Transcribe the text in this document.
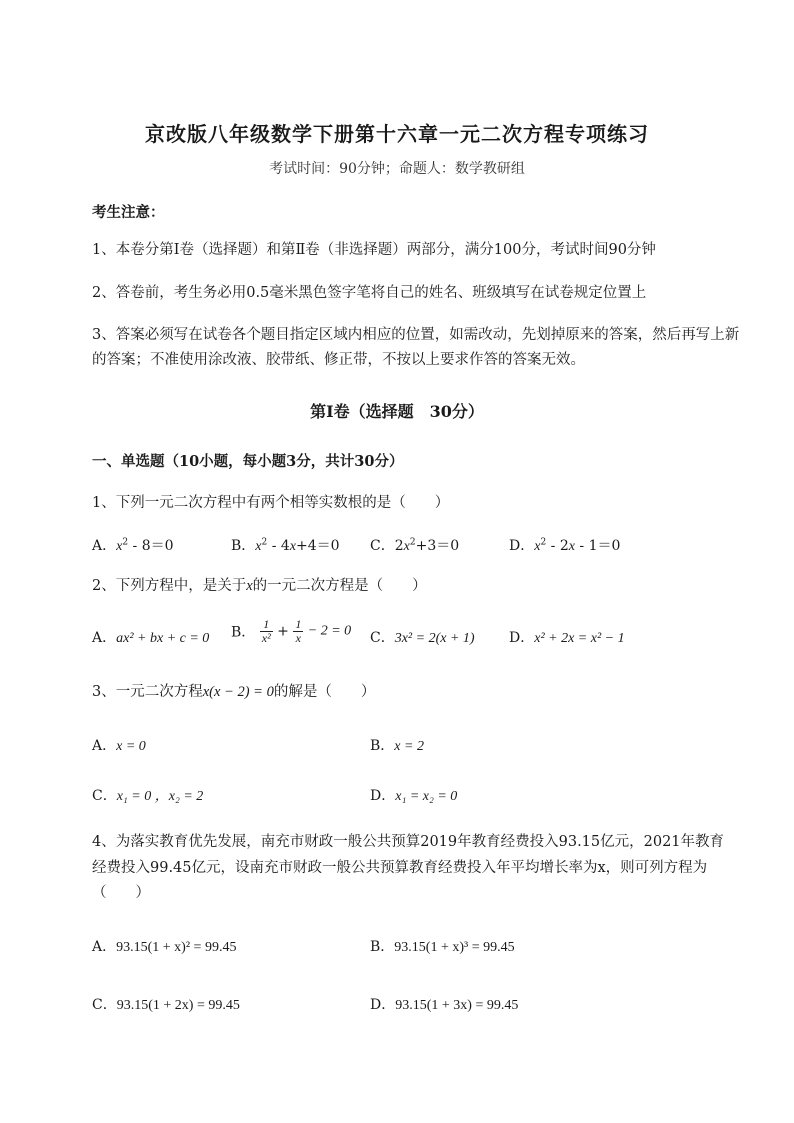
京改版八年级数学下册第十六章一元二次方程专项练习
考试时间：90分钟；命题人：数学教研组
考生注意：
1、本卷分第Ⅰ卷（选择题）和第Ⅱ卷（非选择题）两部分，满分100分，考试时间90分钟
2、答卷前，考生务必用0.5毫米黑色签字笔将自己的姓名、班级填写在试卷规定位置上
3、答案必须写在试卷各个题目指定区域内相应的位置，如需改动，先划掉原来的答案，然后再写上新
的答案；不准使用涂改液、胶带纸、修正带，不按以上要求作答的答案无效。
第Ⅰ卷（选择题　30分）
一、单选题（10小题，每小题3分，共计30分）
1、下列一元二次方程中有两个相等实数根的是（　　）
A．$x^2 - 8=0$	B．$x^2 - 4x+4=0$ C．$2x^2+3=0$	D．$x^2 - 2x - 1=0$
2、下列方程中，是关于x的一元二次方程是（　　）
A．ax² + bx + c = 0 B． $\frac{1}{\text{x²}} + \frac{1}{x} - 2 = 0$ C．3x² = 2(x + 1) D．x² + 2x = x² − 1
3、一元二次方程x(x − 2) = 0的解是（　　）
A．x = 0	B．x = 2
C．x₁ = 0 ，x₂ = 2	D．x₁ = x₂ = 0
4、为落实教育优先发展，南充市财政一般公共预算2019年教育经费投入93.15亿元，2021年教育
经费投入99.45亿元，设南充市财政一般公共预算教育经费投入年平均增长率为x，则可列方程为
（　　）
A．93.15(1 + x)² = 99.45	B．93.15(1 + x)³ = 99.45
C．93.15(1 + 2x) = 99.45	D．93.15(1 + 3x) = 99.45
